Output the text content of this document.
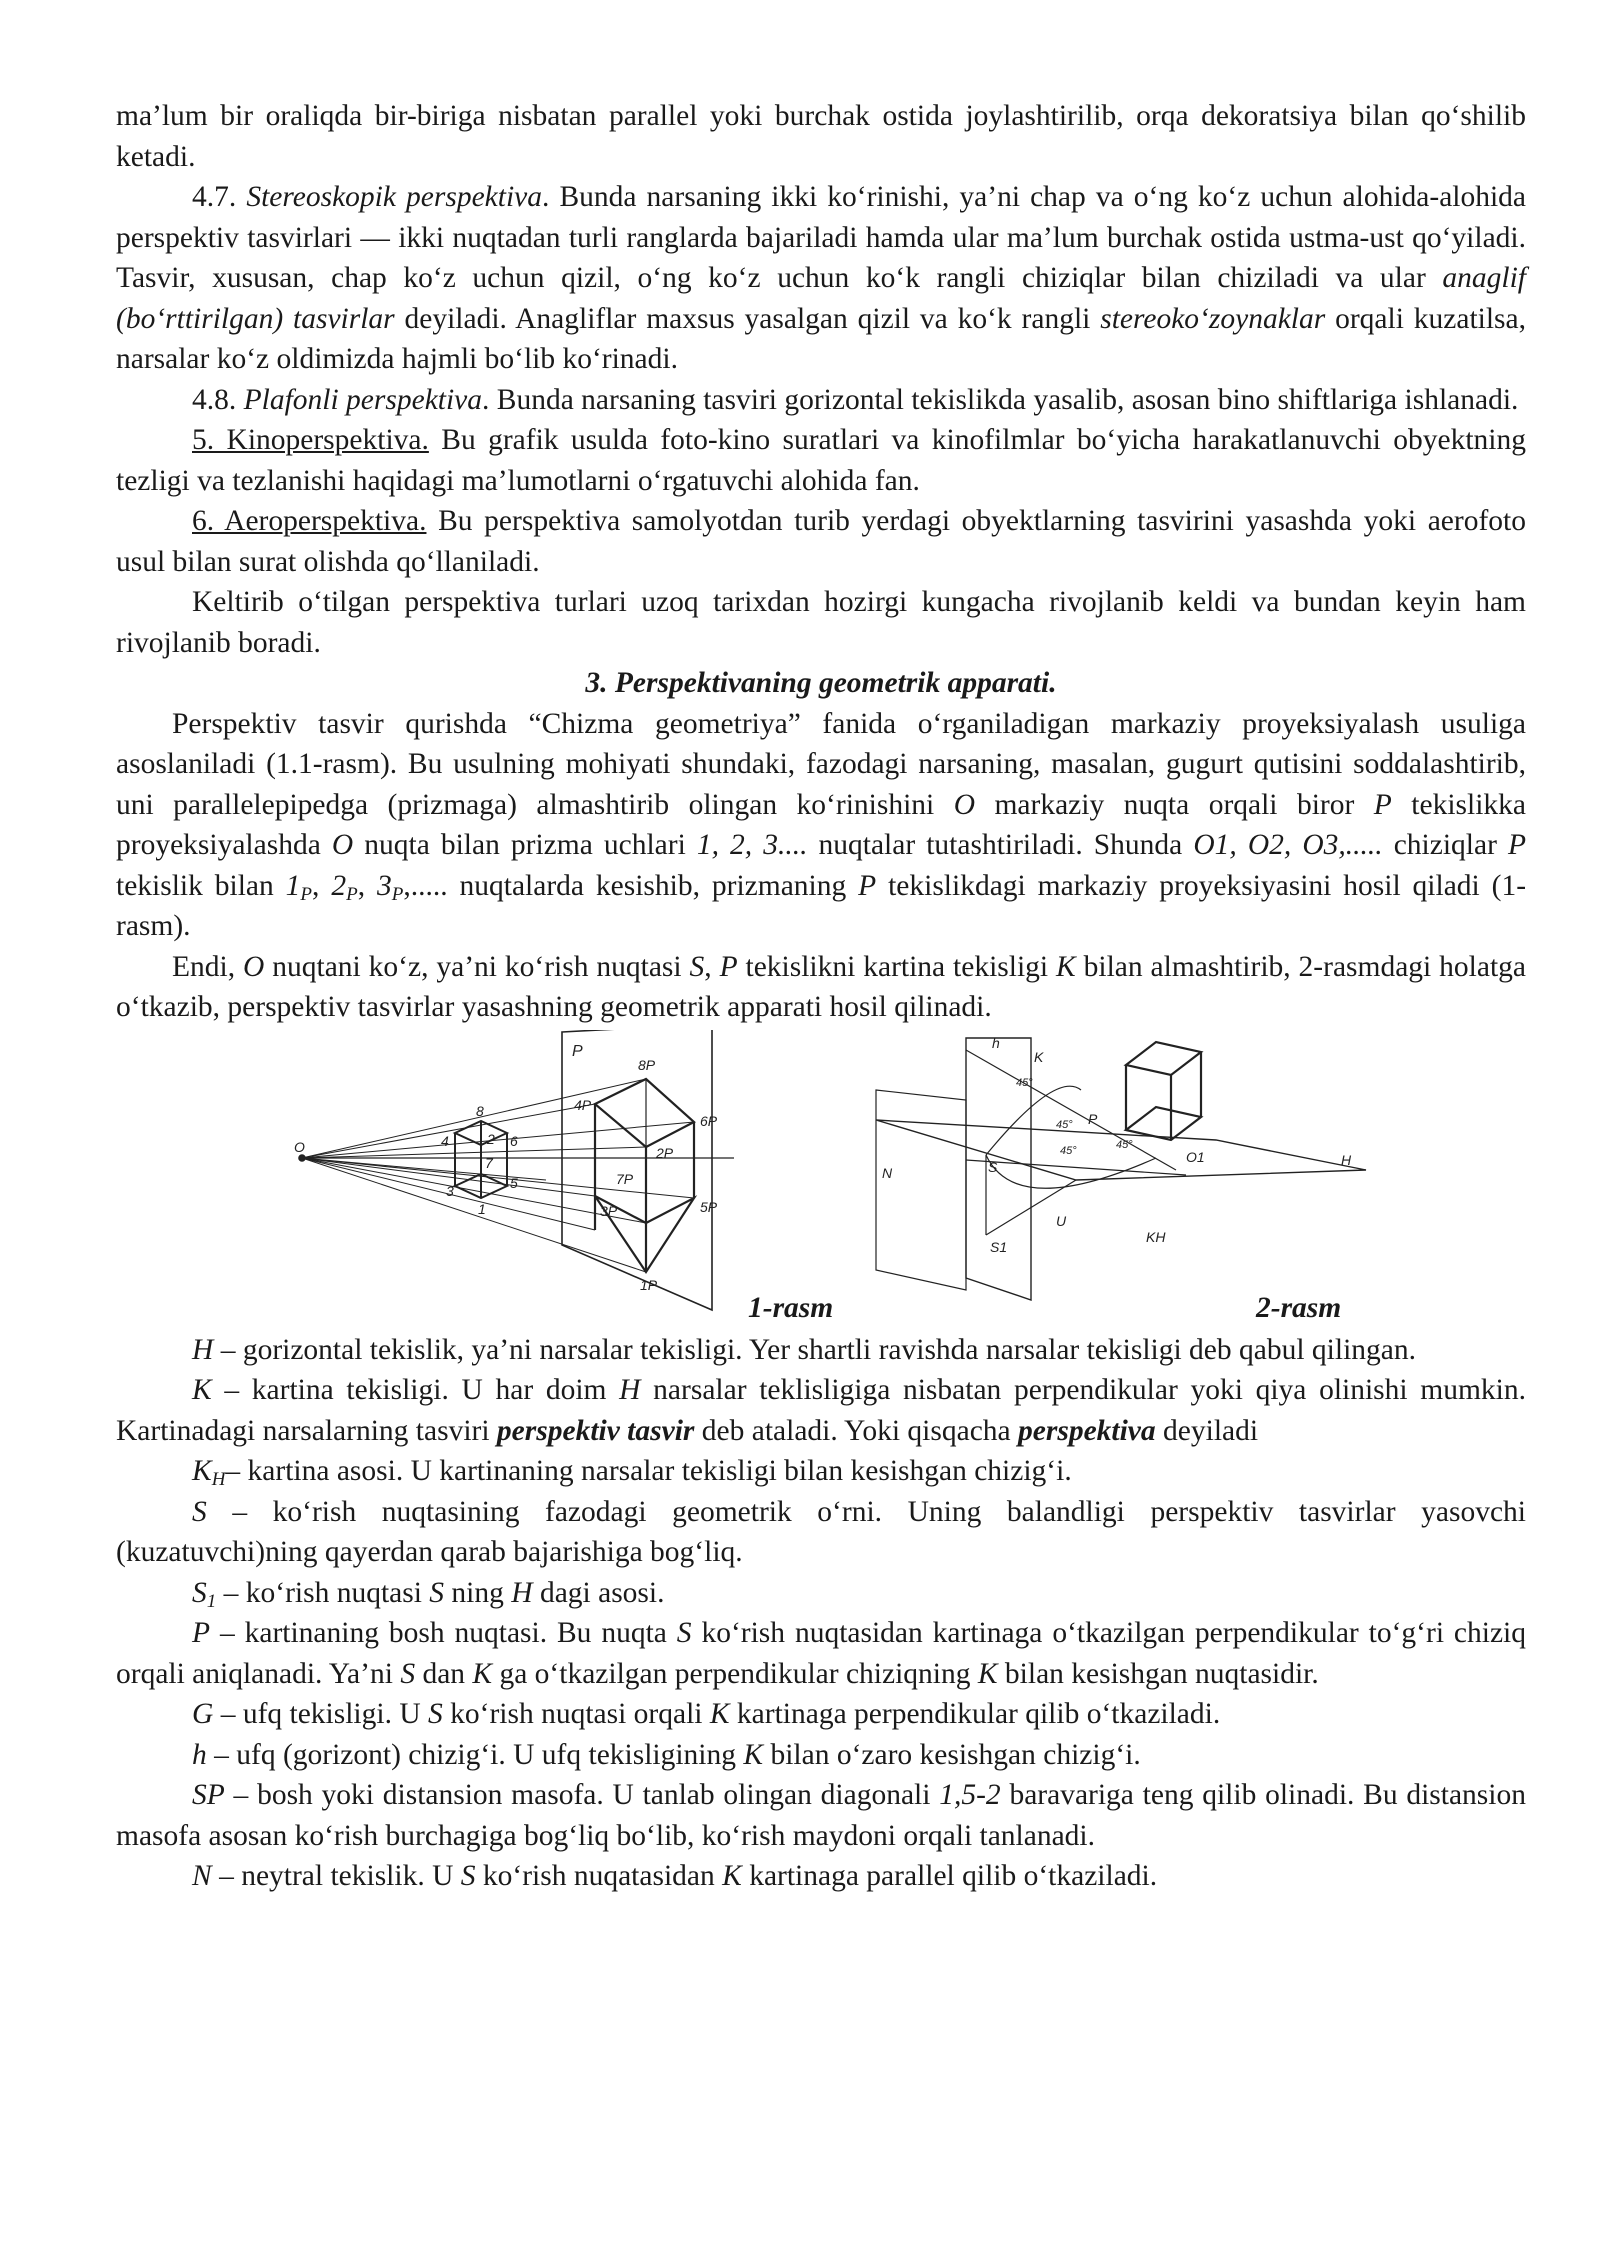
ma’lum bir oraliqda bir-biriga nisbatan parallel yoki burchak ostida joylashtirilib, orqa dekoratsiya bilan qo‘shilib ketadi.

4.7. Stereoskopik perspektiva. Bunda narsaning ikki ko‘rinishi, ya’ni chap va o‘ng ko‘z uchun alohida-alohida perspektiv tasvirlari — ikki nuqtadan turli ranglarda bajariladi hamda ular ma’lum burchak ostida ustma-ust qo‘yiladi. Tasvir, xususan, chap ko‘z uchun qizil, o‘ng ko‘z uchun ko‘k rangli chiziqlar bilan chiziladi va ular anaglif (bo‘rttirilgan) tasvirlar deyiladi. Anagliflar maxsus yasalgan qizil va ko‘k rangli stereoko‘zoynaklar orqali kuzatilsa, narsalar ko‘z oldimizda hajmli bo‘lib ko‘rinadi.

4.8. Plafonli perspektiva. Bunda narsaning tasviri gorizontal tekislikda yasalib, asosan bino shiftlariga ishlanadi.

5. Kinoperspektiva. Bu grafik usulda foto-kino suratlari va kinofilmlar bo‘yicha harakatlanuvchi obyektning tezligi va tezlanishi haqidagi ma’lumotlarni o‘rgatuvchi alohida fan.

6. Aeroperspektiva. Bu perspektiva samolyotdan turib yerdagi obyektlarning tasvirini yasashda yoki aerofoto usul bilan surat olishda qo‘llaniladi.

Keltirib o‘tilgan perspektiva turlari uzoq tarixdan hozirgi kungacha rivojlanib keldi va bundan keyin ham rivojlanib boradi.

3. Perspektivaning geometrik apparati.

Perspektiv tasvir qurishda “Chizma geometriya” fanida o‘rganiladigan markaziy proyeksiyalash usuliga asoslaniladi (1.1-rasm). Bu usulning mohiyati shundaki, fazodagi narsaning, masalan, gugurt qutisini soddalashtirib, uni parallelepipedga (prizmaga) almashtirib olingan ko‘rinishini O markaziy nuqta orqali biror P tekislikka proyeksiyalashda O nuqta bilan prizma uchlari 1, 2, 3.... nuqtalar tutashtiriladi. Shunda O1, O2, O3,..... chiziqlar P tekislik bilan $1_P$, $2_P$, $3_P$,..... nuqtalarda kesishib, prizmaning P tekislikdagi markaziy proyeksiyasini hosil qiladi (1-rasm).

Endi, O nuqtani ko‘z, ya’ni ko‘rish nuqtasi S, P tekislikni kartina tekisligi K bilan almashtirib, 2-rasmdagi holatga o‘tkazib, perspektiv tasvirlar yasashning geometrik apparati hosil qilinadi.

O
P
8
4	2 6
7
3	5
1
8P
4P
6P
2P
7P
3P	5P
1P
h
K
N	S
S1
P
O1
KH
H
U
45°
45°
45°	45°
1-rasm	2-rasm

H – gorizontal tekislik, ya’ni narsalar tekisligi. Yer shartli ravishda narsalar tekisligi deb qabul qilingan.

K – kartina tekisligi. U har doim H narsalar teklisligiga nisbatan perpendikular yoki qiya olinishi mumkin. Kartinadagi narsalarning tasviri perspektiv tasvir deb ataladi. Yoki qisqacha perspektiva deyiladi

$K_H-$ kartina asosi. U kartinaning narsalar tekisligi bilan kesishgan chizig‘i.

S – ko‘rish nuqtasining fazodagi geometrik o‘rni. Uning balandligi perspektiv tasvirlar yasovchi (kuzatuvchi)ning qayerdan qarab bajarishiga bog‘liq.

$S_1$ – ko‘rish nuqtasi S ning H dagi asosi.

P – kartinaning bosh nuqtasi. Bu nuqta S ko‘rish nuqtasidan kartinaga o‘tkazilgan perpendikular to‘g‘ri chiziq orqali aniqlanadi. Ya’ni S dan K ga o‘tkazilgan perpendikular chiziqning K bilan kesishgan nuqtasidir.

G – ufq tekisligi. U S ko‘rish nuqtasi orqali K kartinaga perpendikular qilib o‘tkaziladi.

h – ufq (gorizont) chizig‘i. U ufq tekisligining K bilan o‘zaro kesishgan chizig‘i.

SP – bosh yoki distansion masofa. U tanlab olingan diagonali 1,5-2 baravariga teng qilib olinadi. Bu distansion masofa asosan ko‘rish burchagiga bog‘liq bo‘lib, ko‘rish maydoni orqali tanlanadi.

N – neytral tekislik. U S ko‘rish nuqatasidan K kartinaga parallel qilib o‘tkaziladi.
